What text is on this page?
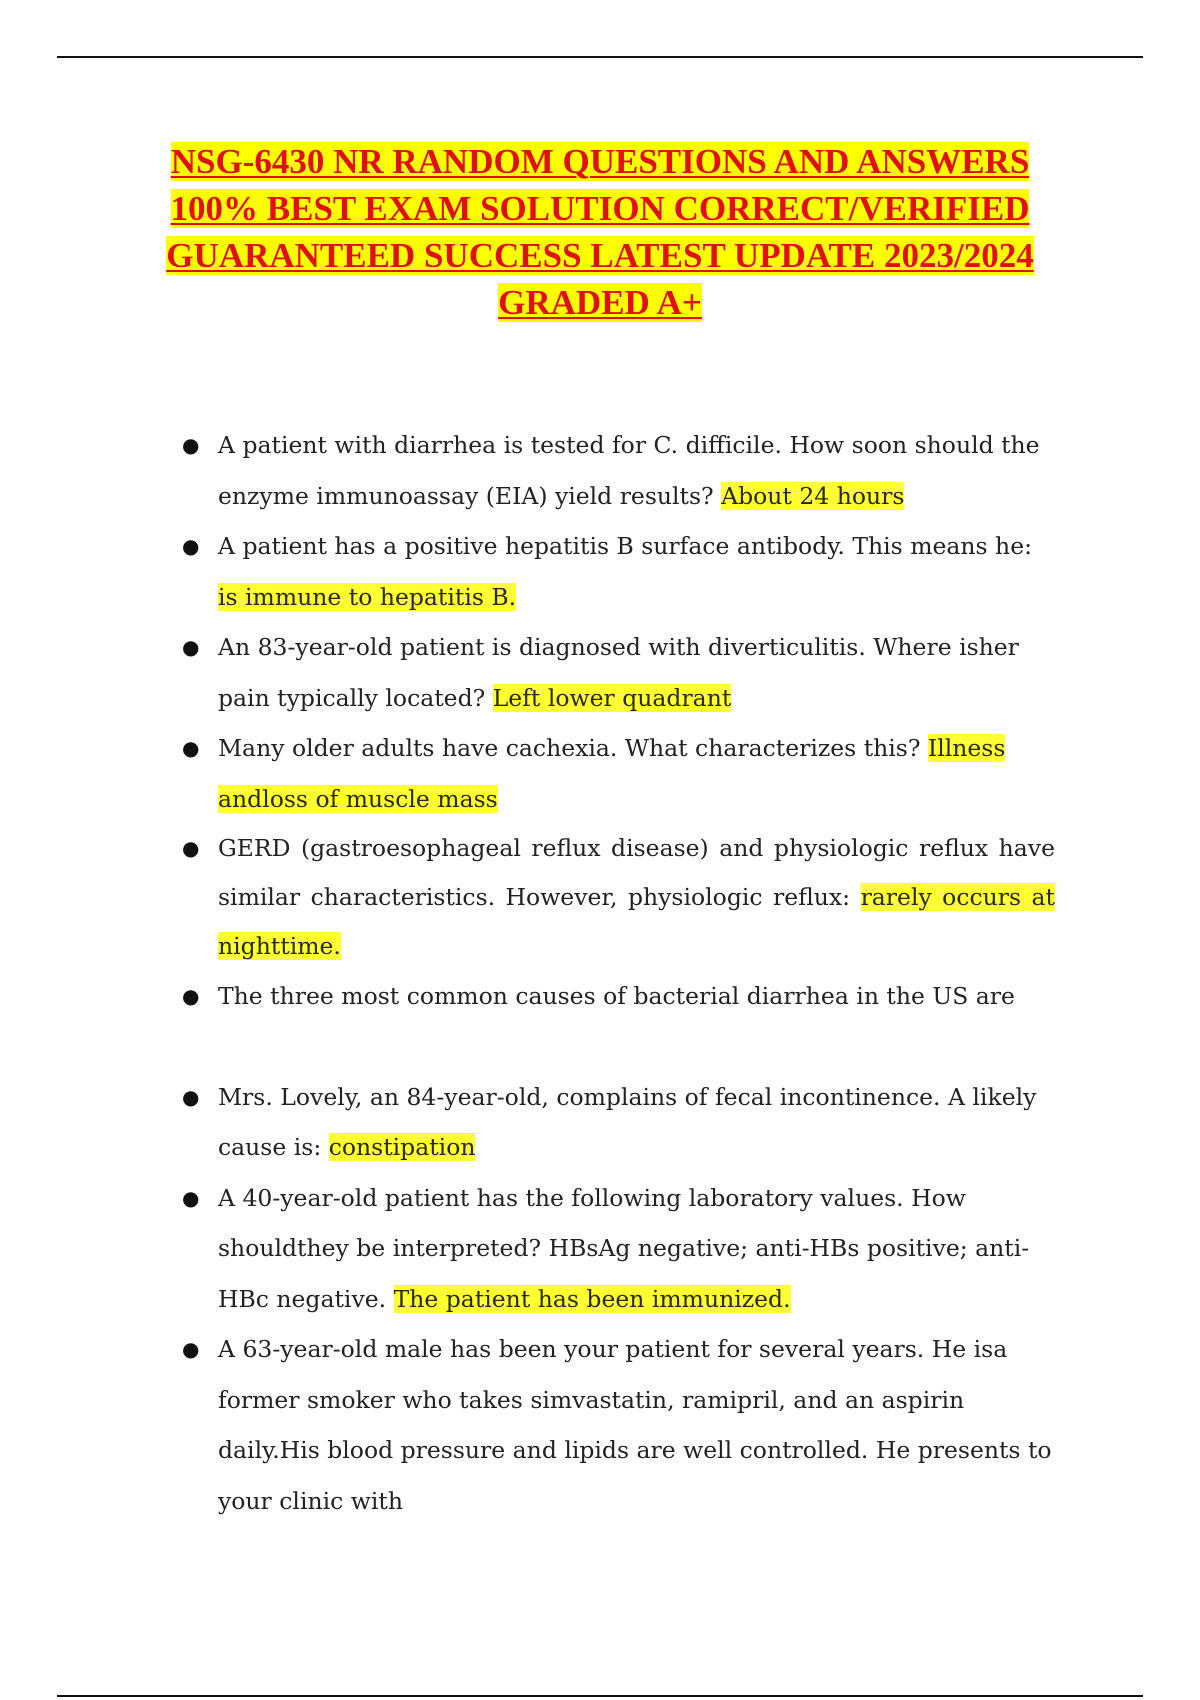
NSG-6430 NR RANDOM QUESTIONS AND ANSWERS
100% BEST EXAM SOLUTION CORRECT/VERIFIED
GUARANTEED SUCCESS LATEST UPDATE 2023/2024
GRADED A+
● A patient with diarrhea is tested for C. difficile. How soon should the enzyme immunoassay (EIA) yield results? About 24 hours
● A patient has a positive hepatitis B surface antibody. This means he: is immune to hepatitis B.
● An 83-year-old patient is diagnosed with diverticulitis. Where isher pain typically located? Left lower quadrant
● Many older adults have cachexia. What characterizes this? Illness andloss of muscle mass
● GERD (gastroesophageal reflux disease) and physiologic reflux have similar characteristics. However, physiologic reflux: rarely occurs at nighttime.
● The three most common causes of bacterial diarrhea in the US are
● Mrs. Lovely, an 84-year-old, complains of fecal incontinence. A likely cause is: constipation
● A 40-year-old patient has the following laboratory values. How shouldthey be interpreted? HBsAg negative; anti-HBs positive; anti-HBc negative. The patient has been immunized.
● A 63-year-old male has been your patient for several years. He isa former smoker who takes simvastatin, ramipril, and an aspirin daily.His blood pressure and lipids are well controlled. He presents to your clinic with
